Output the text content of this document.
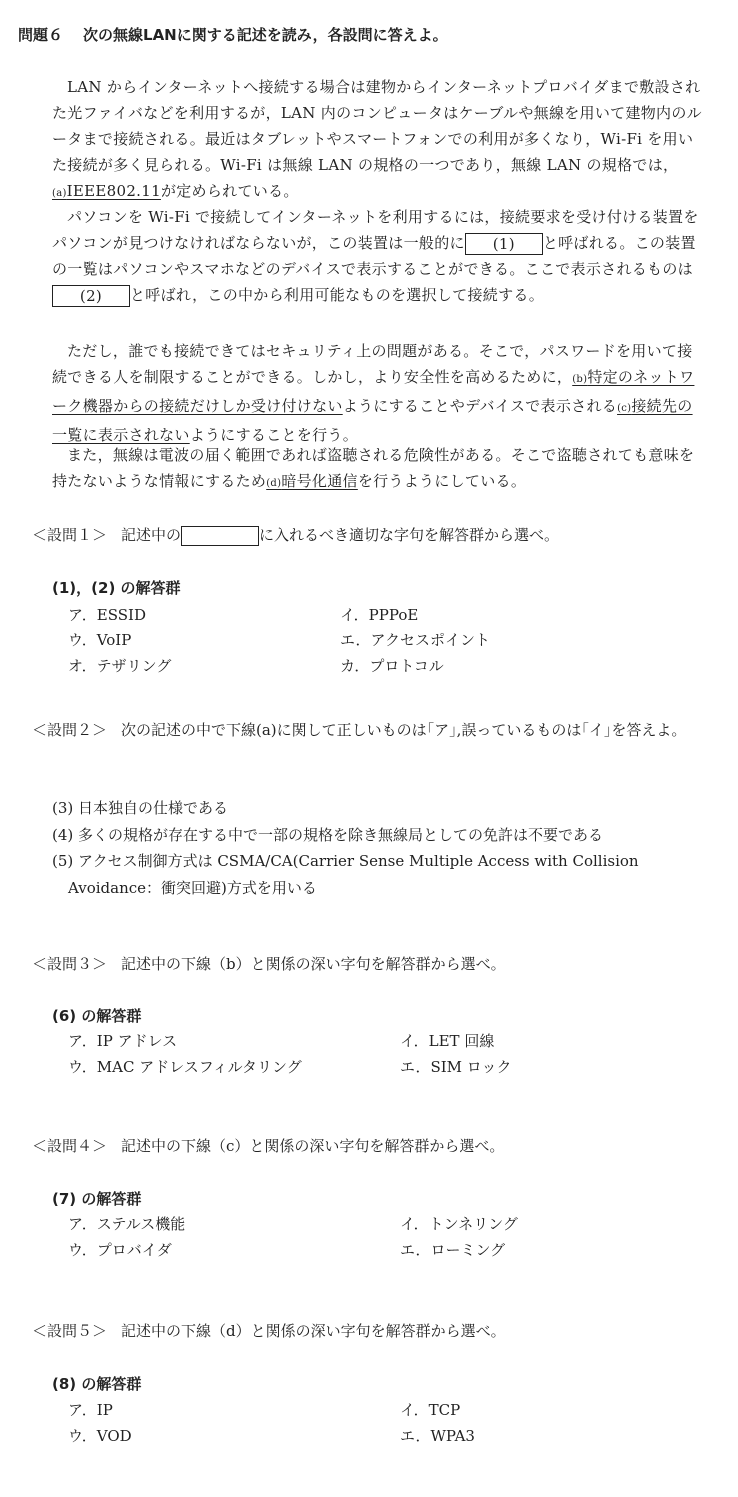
問題６ 次の無線LANに関する記述を読み，各設問に答えよ。
LAN からインターネットへ接続する場合は建物からインターネットプロバイダまで敷設された光ファイバなどを利用するが，LAN 内のコンピュータはケーブルや無線を用いて建物内のルータまで接続される。最近はタブレットやスマートフォンでの利用が多くなり，Wi-Fi を用いた接続が多く見られる。Wi-Fi は無線 LAN の規格の一つであり，無線 LAN の規格では，(a)IEEE802.11が定められている。
パソコンを Wi-Fi で接続してインターネットを利用するには，接続要求を受け付ける装置をパソコンが見つけなければならないが，この装置は一般的に (1) と呼ばれる。この装置の一覧はパソコンやスマホなどのデバイスで表示することができる。ここで表示されるものは(2) と呼ばれ，この中から利用可能なものを選択して接続する。
ただし，誰でも接続できてはセキュリティ上の問題がある。そこで，パスワードを用いて接続できる人を制限することができる。しかし，より安全性を高めるために，(b)特定のネットワーク機器からの接続だけしか受け付けないようにすることやデバイスで表示される(c)接続先の一覧に表示されないようにすることを行う。
また，無線は電波の届く範囲であれば盗聴される危険性がある。そこで盗聴されても意味を持たないような情報にするため(d)暗号化通信を行うようにしている。
＜設問１＞ 記述中の	に入れるべき適切な字句を解答群から選べ。
(1)，(2) の解答群
ア．ESSID	イ．PPPoE
ウ．VoIP	エ．アクセスポイント
オ．テザリング	カ．プロトコル
＜設問２＞ 次の記述の中で下線(a)に関して正しいものは｢ア｣,誤っているものは｢イ｣を答えよ。
(3) 日本独自の仕様である
(4) 多くの規格が存在する中で一部の規格を除き無線局としての免許は不要である
(5) アクセス制御方式は CSMA/CA(Carrier Sense Multiple Access with Collision
Avoidance：衝突回避)方式を用いる
＜設問３＞ 記述中の下線（b）と関係の深い字句を解答群から選べ。
(6) の解答群
ア．IP アドレス	イ．LET 回線
ウ．MAC アドレスフィルタリング	エ．SIM ロック
＜設問４＞ 記述中の下線（c）と関係の深い字句を解答群から選べ。
(7) の解答群
ア．ステルス機能	イ．トンネリング
ウ．プロバイダ	エ．ローミング
＜設問５＞ 記述中の下線（d）と関係の深い字句を解答群から選べ。
(8) の解答群
ア．IP	イ．TCP
ウ．VOD	エ．WPA3
